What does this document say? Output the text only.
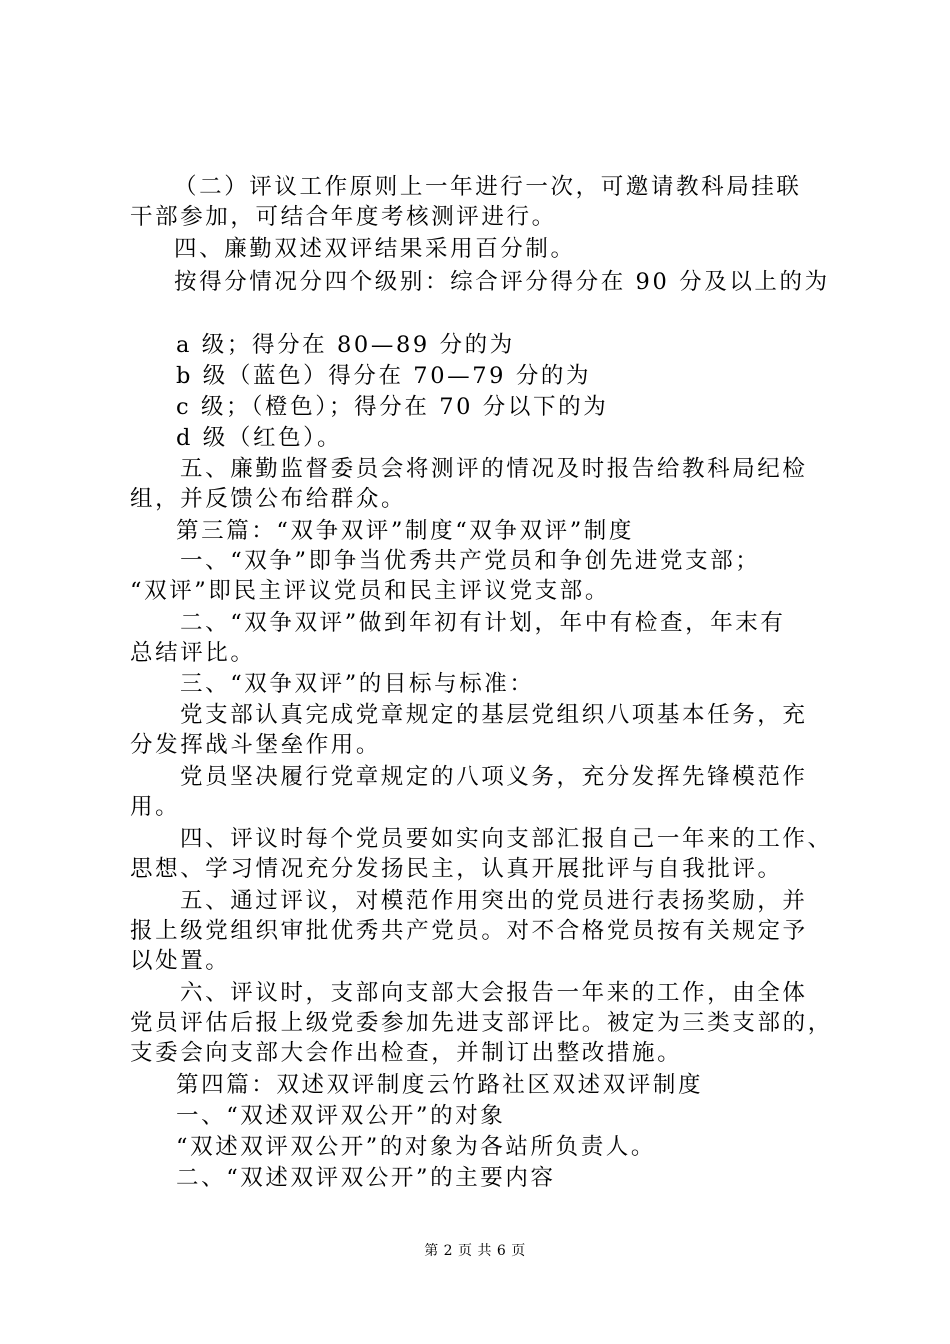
（二）评议工作原则上一年进行一次，可邀请教科局挂联
干部参加，可结合年度考核测评进行。
四、廉勤双述双评结果采用百分制。
按得分情况分四个级别：综合评分得分在 90 分及以上的为
a 级；得分在 80—89 分的为
b 级（蓝色）得分在 70—79 分的为
c 级；（橙色）；得分在 70 分以下的为
d 级（红色）。
五、廉勤监督委员会将测评的情况及时报告给教科局纪检
组，并反馈公布给群众。
第三篇：“双争双评”制度“双争双评”制度
一、“双争”即争当优秀共产党员和争创先进党支部；
“双评”即民主评议党员和民主评议党支部。
二、“双争双评”做到年初有计划，年中有检查，年末有
总结评比。
三、“双争双评”的目标与标准：
党支部认真完成党章规定的基层党组织八项基本任务，充
分发挥战斗堡垒作用。
党员坚决履行党章规定的八项义务，充分发挥先锋模范作
用。
四、评议时每个党员要如实向支部汇报自己一年来的工作、
思想、学习情况充分发扬民主，认真开展批评与自我批评。
五、通过评议，对模范作用突出的党员进行表扬奖励，并
报上级党组织审批优秀共产党员。对不合格党员按有关规定予
以处置。
六、评议时，支部向支部大会报告一年来的工作，由全体
党员评估后报上级党委参加先进支部评比。被定为三类支部的，
支委会向支部大会作出检查，并制订出整改措施。
第四篇：双述双评制度云竹路社区双述双评制度
一、“双述双评双公开”的对象
“双述双评双公开”的对象为各站所负责人。
二、“双述双评双公开”的主要内容
第 2 页 共 6 页
